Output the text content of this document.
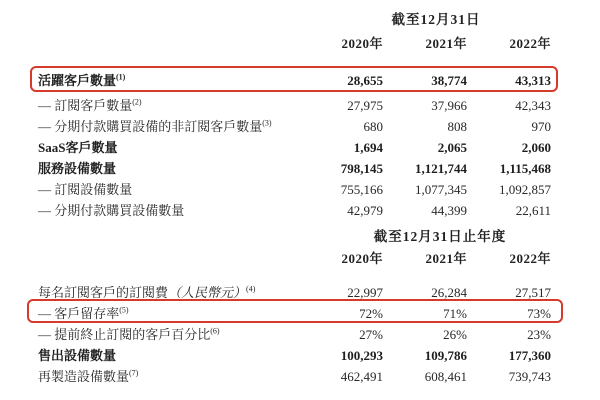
截至12月31日
2020年	2021年	2022年
活躍客戶數量$^{(1)}$	28,655	38,774	43,313
— 訂閱客戶數量$^{(2)}$	27,975	37,966	42,343
— 分期付款購買設備的非訂閱客戶數量$^{(3)}$	680	808	970
SaaS客戶數量	1,694	2,065	2,060
服務設備數量	798,145	1,121,744	1,115,468
— 訂閱設備數量	755,166	1,077,345	1,092,857
— 分期付款購買設備數量	42,979	44,399	22,611
截至12月31日止年度
2020年	2021年	2022年
每名訂閱客戶的訂閱費（人民幣元）$^{(4)}$	22,997	26,284	27,517
— 客戶留存率$^{(5)}$	72%	71%	73%
— 提前終止訂閱的客戶百分比$^{(6)}$	27%	26%	23%
售出設備數量	100,293	109,786	177,360
再製造設備數量$^{(7)}$	462,491	608,461	739,743
